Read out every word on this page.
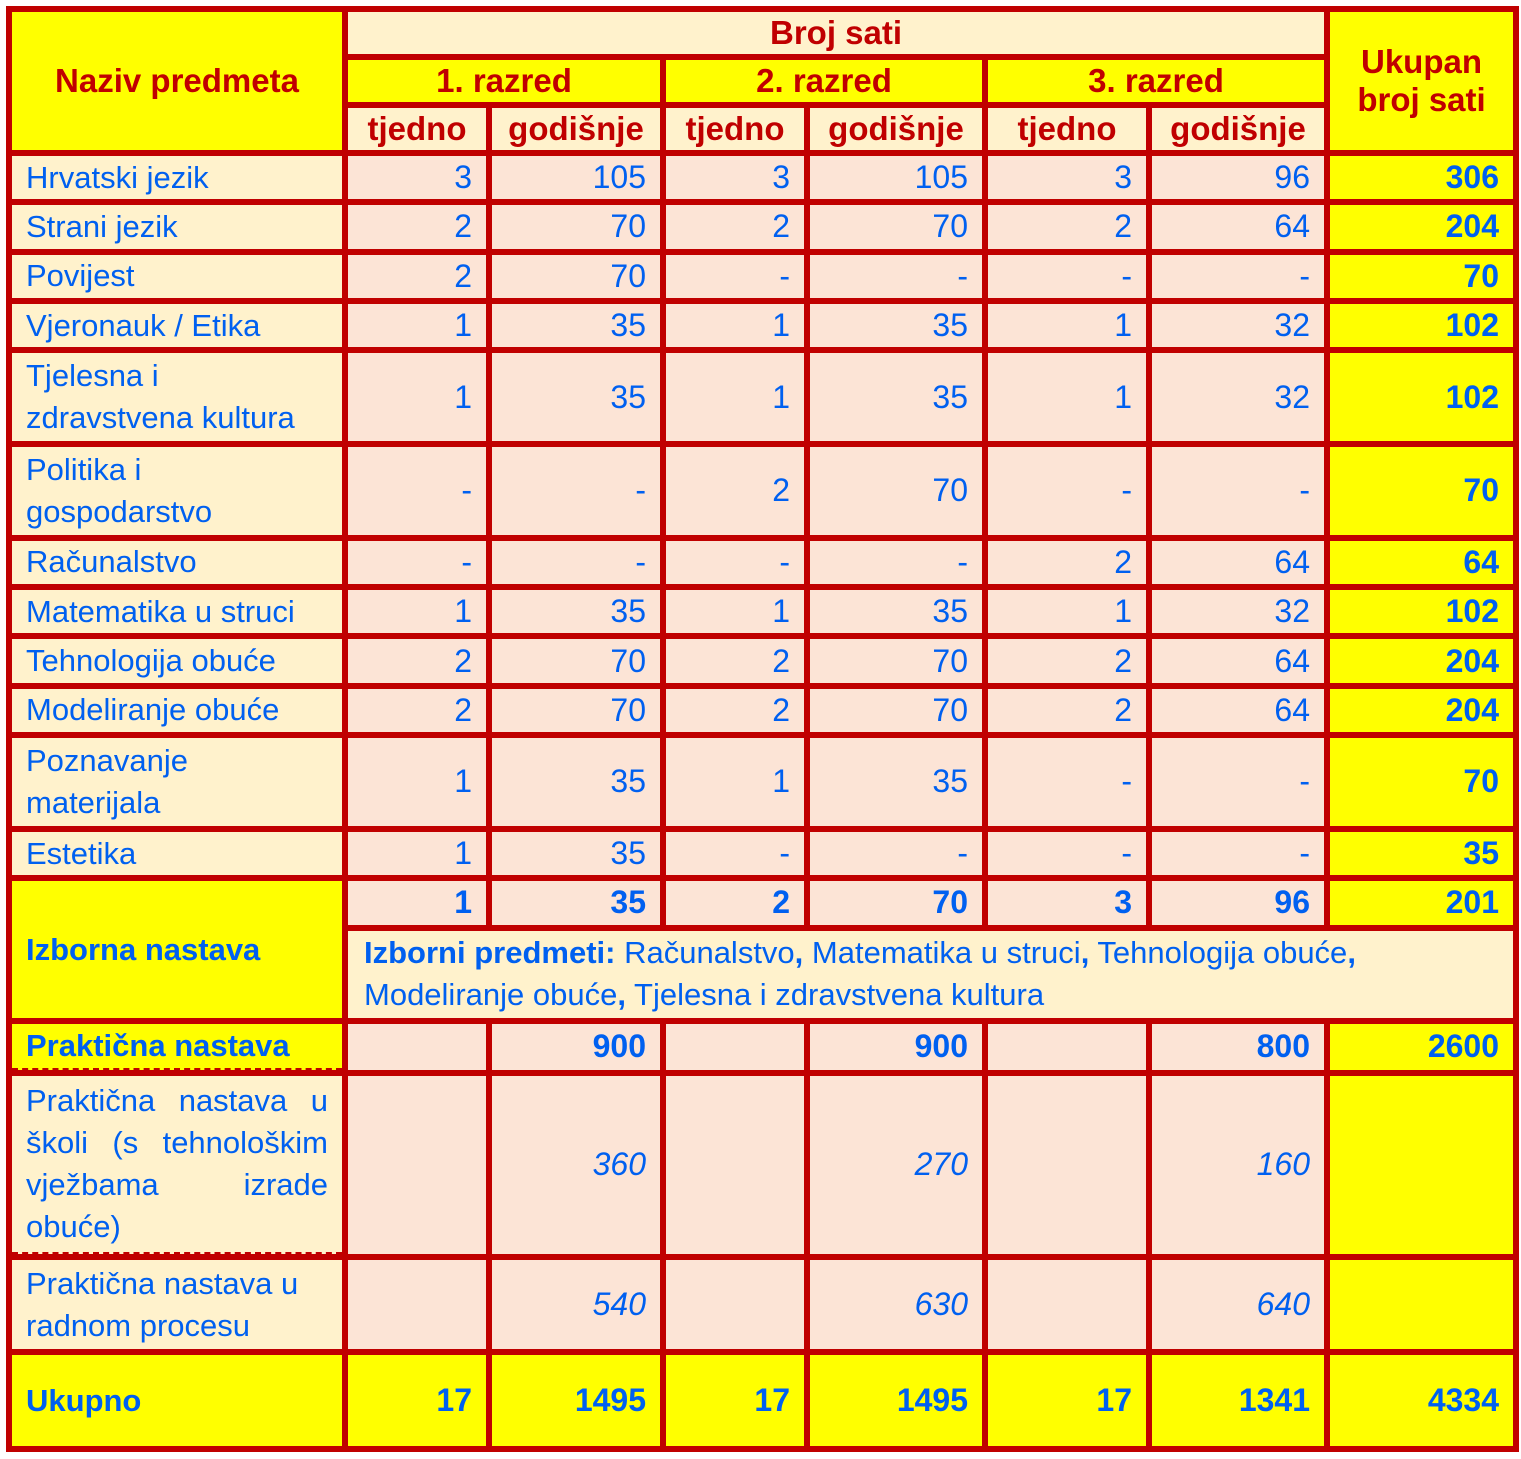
Naziv predmeta	Broj sati						Ukupan broj sati
	1. razred		2. razred		3. razred		
	tjedno	godišnje	tjedno	godišnje	tjedno	godišnje	
Hrvatski jezik	3	105	3	105	3	96	306
Strani jezik	2	70	2	70	2	64	204
Povijest	2	70	-	-	-	-	70
Vjeronauk / Etika	1	35	1	35	1	32	102
Tjelesna i zdravstvena kultura	1	35	1	35	1	32	102
Politika i gospodarstvo	-	-	2	70	-	-	70
Računalstvo	-	-	-	-	2	64	64
Matematika u struci	1	35	1	35	1	32	102
Tehnologija obuće	2	70	2	70	2	64	204
Modeliranje obuće	2	70	2	70	2	64	204
Poznavanje materijala	1	35	1	35	-	-	70
Estetika	1	35	-	-	-	-	35
Izborna nastava	1	35	2	70	3	96	201
	Izborni predmeti: Računalstvo, Matematika u struci, Tehnologija obuće, Modeliranje obuće, Tjelesna i zdravstvena kultura						
Praktična nastava		900		900		800	2600
Praktična nastava u školi (s tehnološkim vježbama izrade obuće)		360		270		160	
Praktična nastava u radnom procesu		540		630		640	
Ukupno	17	1495	17	1495	17	1341	4334
